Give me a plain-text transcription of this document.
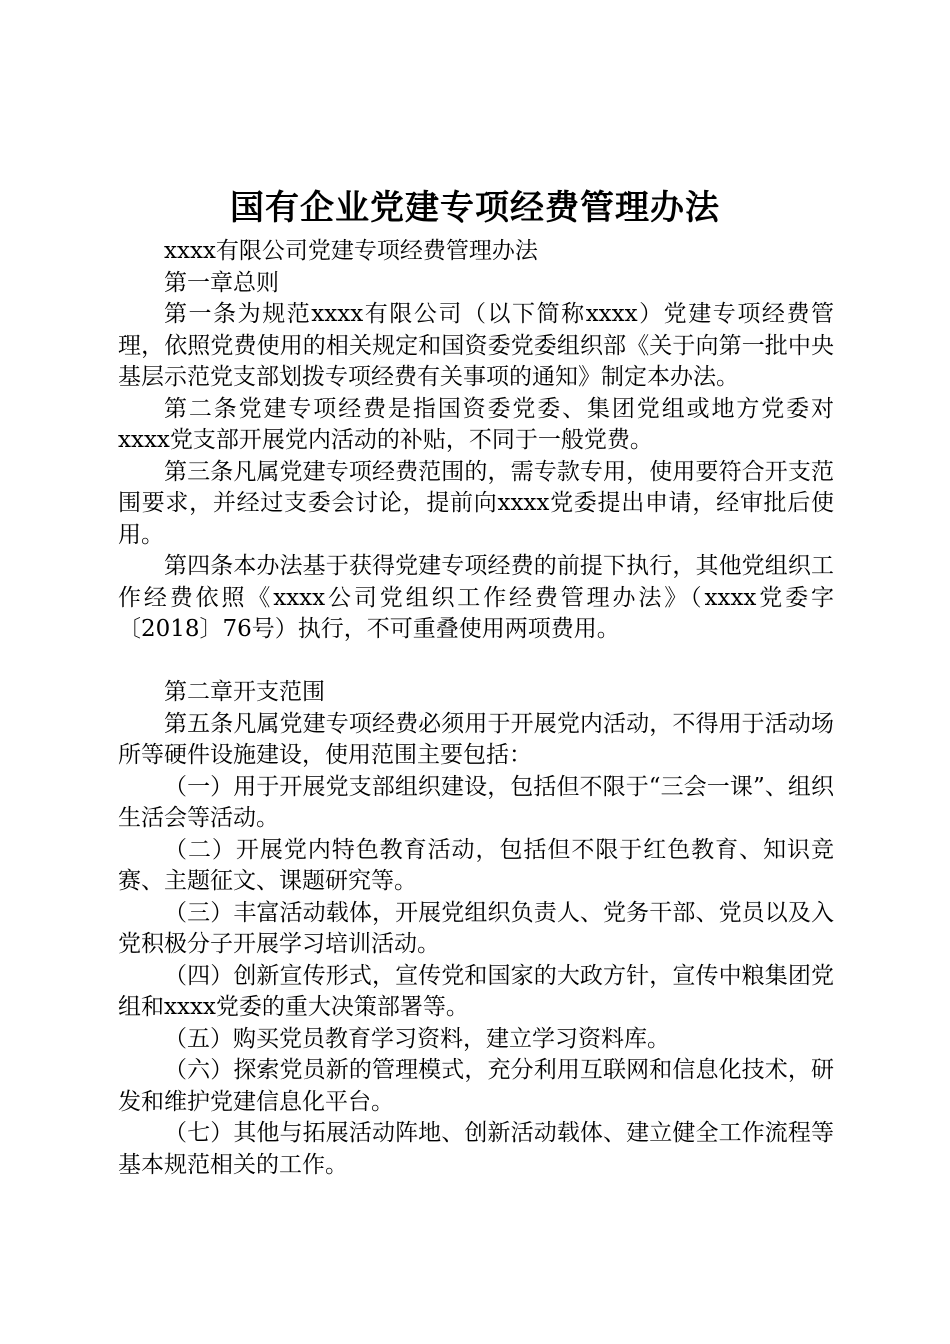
国有企业党建专项经费管理办法

xxxx有限公司党建专项经费管理办法

第一章总则

第一条为规范xxxx有限公司（以下简称xxxx）党建专项经费管理，依照党费使用的相关规定和国资委党委组织部《关于向第一批中央基层示范党支部划拨专项经费有关事项的通知》制定本办法。

第二条党建专项经费是指国资委党委、集团党组或地方党委对xxxx党支部开展党内活动的补贴，不同于一般党费。

第三条凡属党建专项经费范围的，需专款专用，使用要符合开支范围要求，并经过支委会讨论，提前向xxxx党委提出申请，经审批后使用。

第四条本办法基于获得党建专项经费的前提下执行，其他党组织工作经费依照《xxxx公司党组织工作经费管理办法》（xxxx党委字〔2018〕76号）执行，不可重叠使用两项费用。

第二章开支范围

第五条凡属党建专项经费必须用于开展党内活动，不得用于活动场所等硬件设施建设，使用范围主要包括：

（一）用于开展党支部组织建设，包括但不限于“三会一课”、组织生活会等活动。

（二）开展党内特色教育活动，包括但不限于红色教育、知识竞赛、主题征文、课题研究等。

（三）丰富活动载体，开展党组织负责人、党务干部、党员以及入党积极分子开展学习培训活动。

（四）创新宣传形式，宣传党和国家的大政方针，宣传中粮集团党组和xxxx党委的重大决策部署等。

（五）购买党员教育学习资料，建立学习资料库。

（六）探索党员新的管理模式，充分利用互联网和信息化技术，研发和维护党建信息化平台。

（七）其他与拓展活动阵地、创新活动载体、建立健全工作流程等基本规范相关的工作。
